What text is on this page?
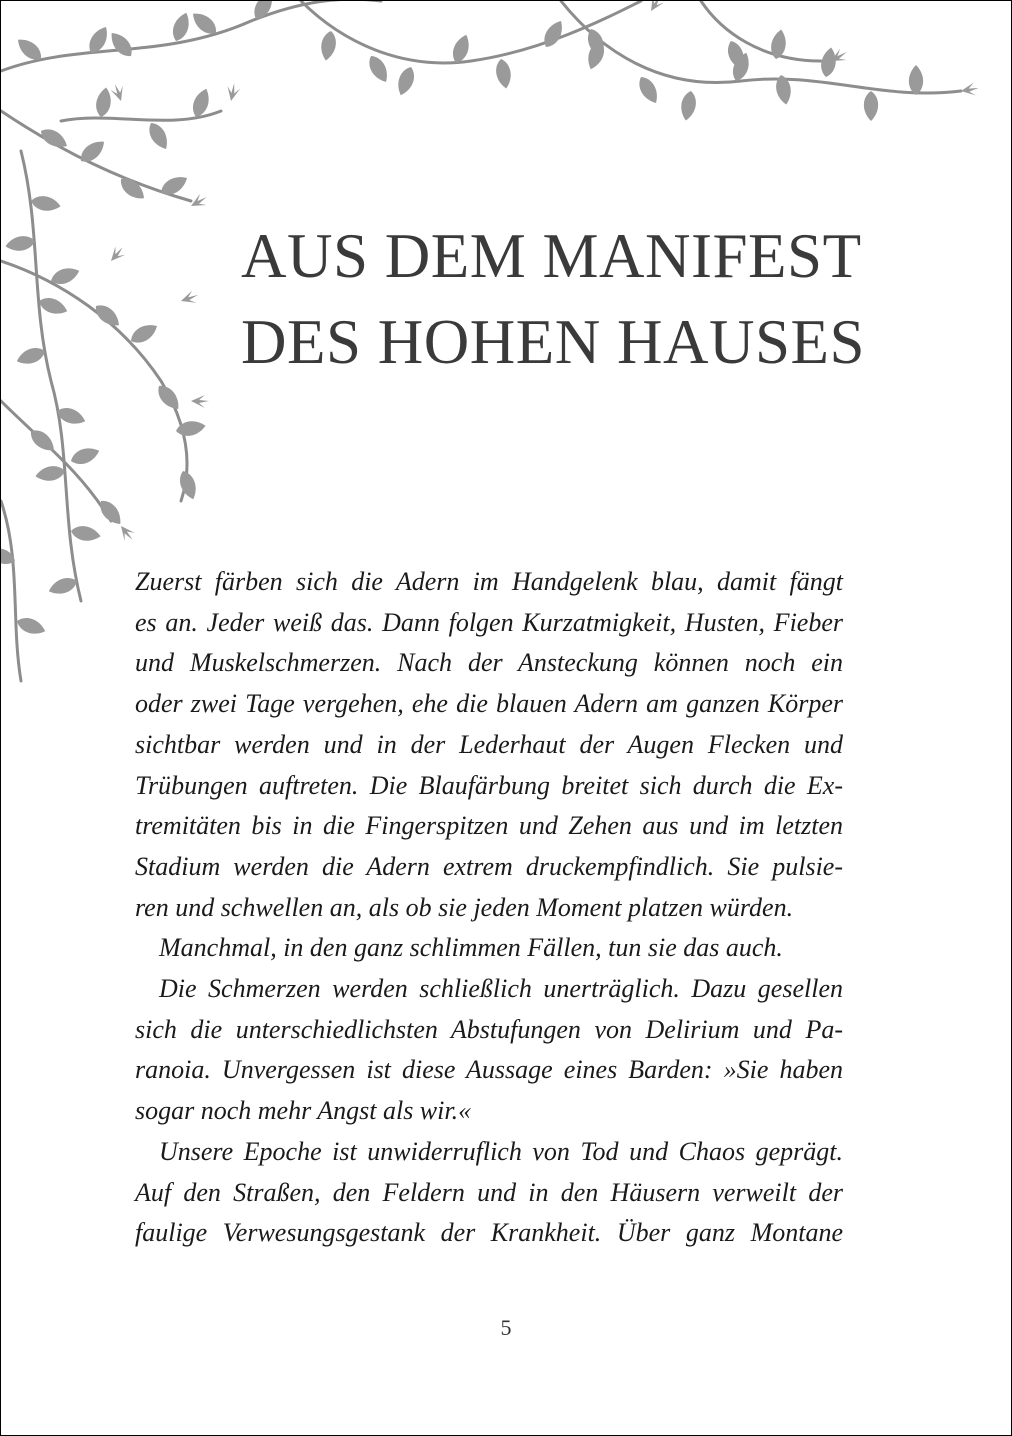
AUS DEM MANIFEST
DES HOHEN HAUSES
Zuerst färben sich die Adern im Handgelenk blau, damit fängt
es an. Jeder weiß das. Dann folgen Kurzatmigkeit, Husten, Fieber
und Muskelschmerzen. Nach der Ansteckung können noch ein
oder zwei Tage vergehen, ehe die blauen Adern am ganzen Körper
sichtbar werden und in der Lederhaut der Augen Flecken und
Trübungen auftreten. Die Blaufärbung breitet sich durch die Ex-
tremitäten bis in die Fingerspitzen und Zehen aus und im letzten
Stadium werden die Adern extrem druckempfindlich. Sie pulsie-
ren und schwellen an, als ob sie jeden Moment platzen würden.
Manchmal, in den ganz schlimmen Fällen, tun sie das auch.
Die Schmerzen werden schließlich unerträglich. Dazu gesellen
sich die unterschiedlichsten Abstufungen von Delirium und Pa-
ranoia. Unvergessen ist diese Aussage eines Barden: »Sie haben
sogar noch mehr Angst als wir.«
Unsere Epoche ist unwiderruflich von Tod und Chaos geprägt.
Auf den Straßen, den Feldern und in den Häusern verweilt der
faulige Verwesungsgestank der Krankheit. Über ganz Montane
5
